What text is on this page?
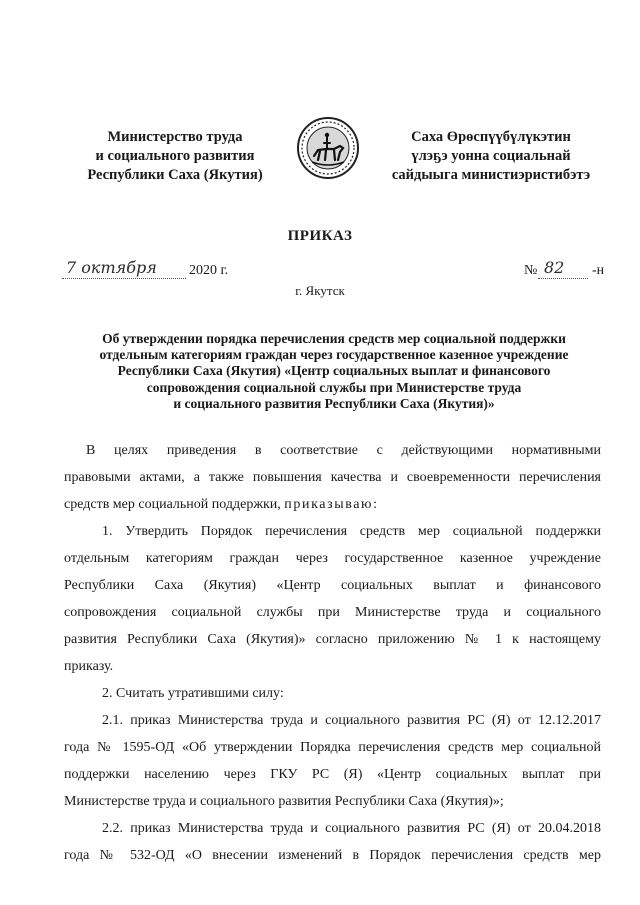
Министерство труда
и социального развития
Республики Саха (Якутия)
Саха Өрөспүүбүлүкэтин
үлэҕэ уонна социальнай
сайдыыга министиэристибэтэ
ПРИКАЗ
7 октября 2020 г.	№ 82 -н
г. Якутск
Об утверждении порядка перечисления средств мер социальной поддержки
отдельным категориям граждан через государственное казенное учреждение
Республики Саха (Якутия) «Центр социальных выплат и финансового
сопровождения социальной службы при Министерстве труда
и социального развития Республики Саха (Якутия)»
В целях приведения в соответствие с действующими нормативными
правовыми актами, а также повышения качества и своевременности перечисления
средств мер социальной поддержки, приказываю:
1. Утвердить Порядок перечисления средств мер социальной поддержки
отдельным категориям граждан через государственное казенное учреждение
Республики Саха (Якутия) «Центр социальных выплат и финансового
сопровождения социальной службы при Министерстве труда и социального
развития Республики Саха (Якутия)» согласно приложению № 1 к настоящему
приказу.
2. Считать утратившими силу:
2.1. приказ Министерства труда и социального развития РС (Я) от 12.12.2017
года № 1595-ОД «Об утверждении Порядка перечисления средств мер социальной
поддержки населению через ГКУ РС (Я) «Центр социальных выплат при
Министерстве труда и социального развития Республики Саха (Якутия)»;
2.2. приказ Министерства труда и социального развития РС (Я) от 20.04.2018
года № 532-ОД «О внесении изменений в Порядок перечисления средств мер
